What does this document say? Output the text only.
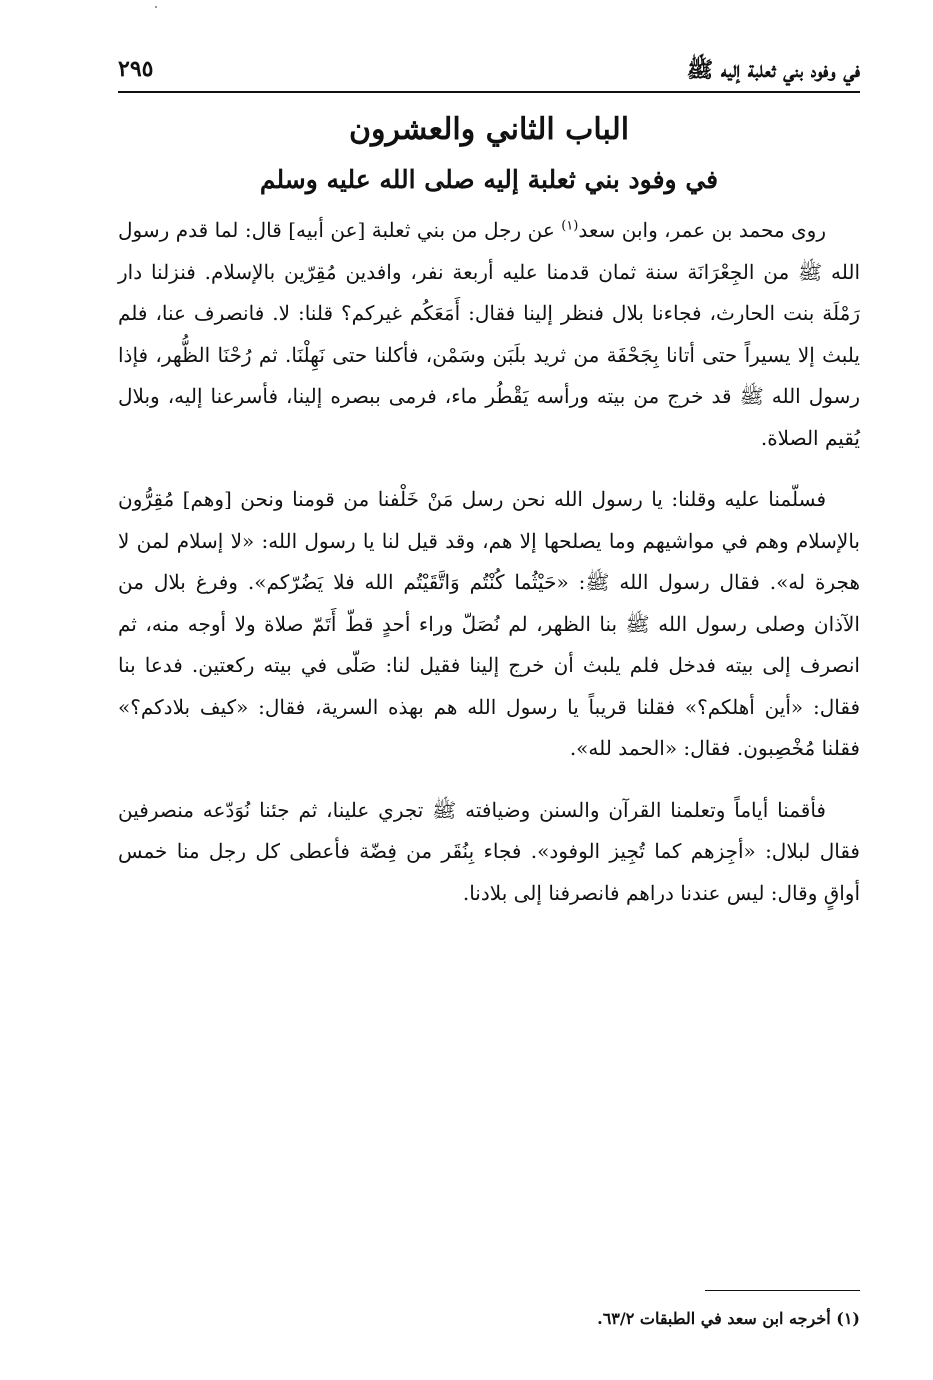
في وفود بني ثعلبة إليه ﷺ
٢٩٥
الباب الثاني والعشرون
في وفود بني ثعلبة إليه صلى الله عليه وسلم

روى محمد بن عمر، وابن سعد$^{(١)}$ عن رجل من بني ثعلبة [عن أبيه] قال: لما قدم رسول الله ﷺ من الجِعْرَانَة سنة ثمان قدمنا عليه أربعة نفر، وافدين مُقِرّين بالإسلام. فنزلنا دار رَمْلَة بنت الحارث، فجاءنا بلال فنظر إلينا فقال: أَمَعَكُم غيركم؟ قلنا: لا. فانصرف عنا، فلم يلبث إلا يسيراً حتى أتانا بِجَحْفَة من ثريد بلَبَن وسَمْن، فأكلنا حتى نَهِلْنَا. ثم رُحْنَا الظُّهر، فإذا رسول الله ﷺ قد خرج من بيته ورأسه يَقْطُر ماء، فرمى ببصره إلينا، فأسرعنا إليه، وبلال يُقيم الصلاة.

فسلّمنا عليه وقلنا: يا رسول الله نحن رسل مَنْ خَلْفنا من قومنا ونحن [وهم] مُقِرُّون بالإسلام وهم في مواشيهم وما يصلحها إلا هم، وقد قيل لنا يا رسول الله: «لا إسلام لمن لا هجرة له». فقال رسول الله ﷺ: «حَيْثُما كُنْتُم وَاتَّقَيْتُم الله فلا يَضُرّكم». وفرغ بلال من الآذان وصلى رسول الله ﷺ بنا الظهر، لم نُصَلّ وراء أحدٍ قطّ أَتَمّ صلاة ولا أوجه منه، ثم انصرف إلى بيته فدخل فلم يلبث أن خرج إلينا فقيل لنا: صَلّى في بيته ركعتين. فدعا بنا فقال: «أين أهلكم؟» فقلنا قريباً يا رسول الله هم بهذه السرية، فقال: «كيف بلادكم؟» فقلنا مُخْصِبون. فقال: «الحمد لله».

فأقمنا أياماً وتعلمنا القرآن والسنن وضيافته ﷺ تجري علينا، ثم جئنا نُوَدّعه منصرفين فقال لبلال: «أجِزهم كما تُجِيز الوفود». فجاء بِنُقَر من فِضّة فأعطى كل رجل منا خمس أواقٍ وقال: ليس عندنا دراهم فانصرفنا إلى بلادنا.

(١) أخرجه ابن سعد في الطبقات ٦٣/٢.
